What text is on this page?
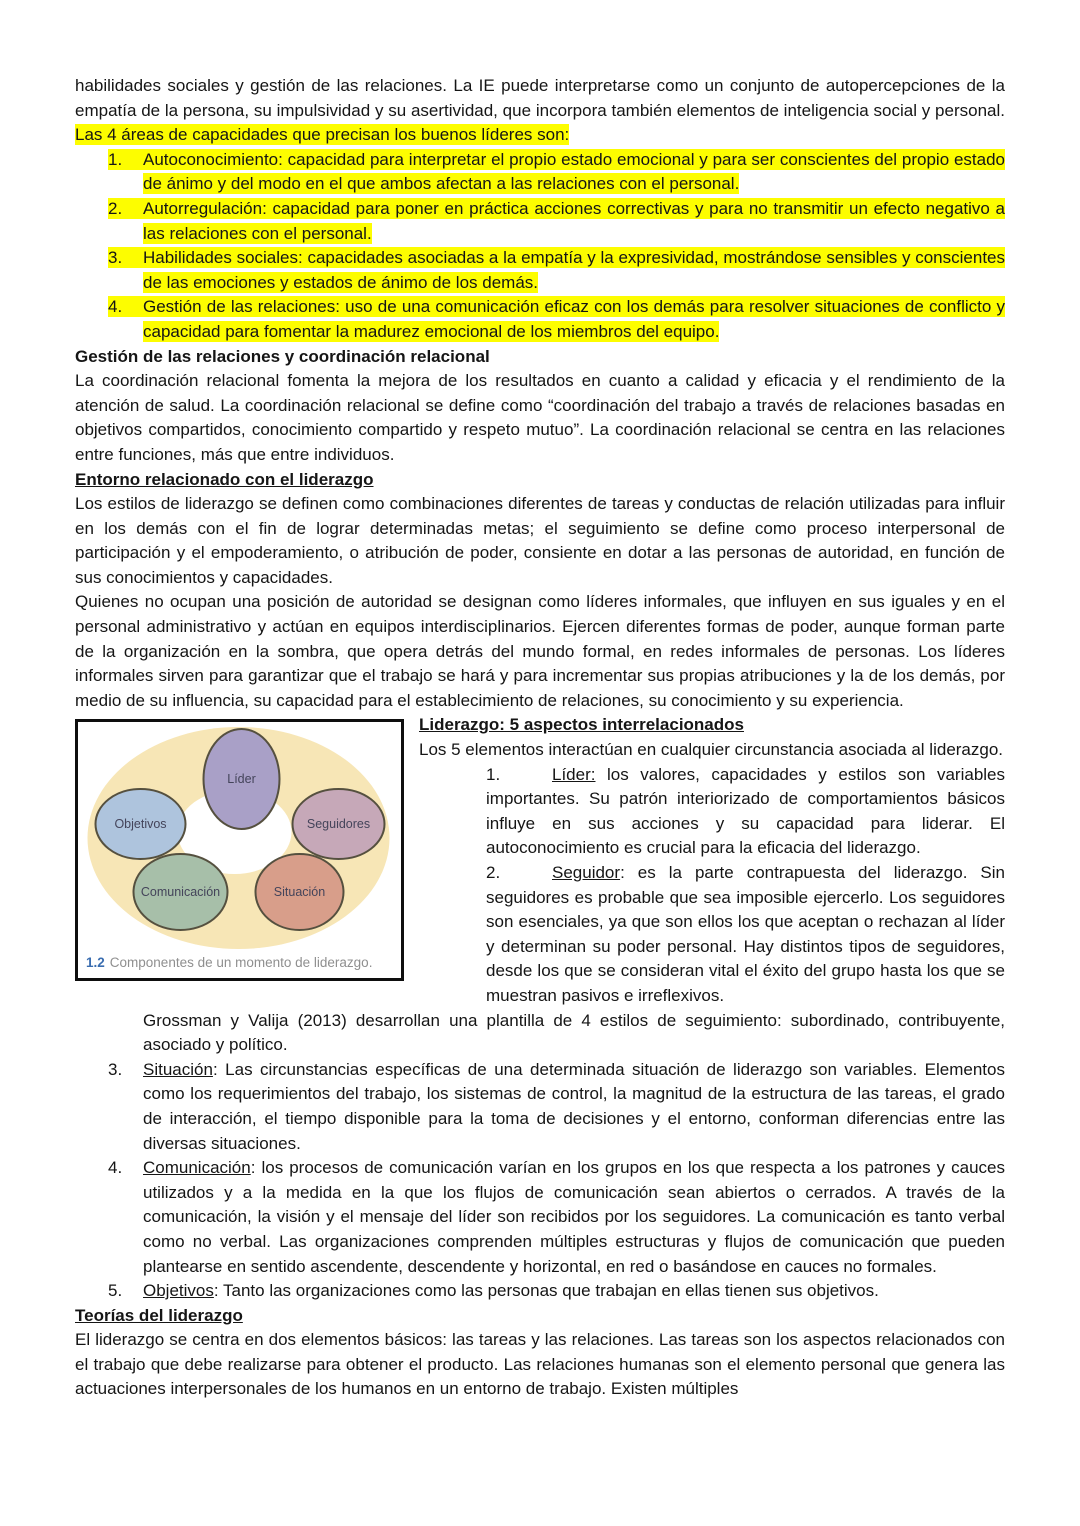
habilidades sociales y gestión de las relaciones. La IE puede interpretarse como un conjunto de autopercepciones de la empatía de la persona, su impulsividad y su asertividad, que incorpora también elementos de inteligencia social y personal. Las 4 áreas de capacidades que precisan los buenos líderes son:

1. Autoconocimiento: capacidad para interpretar el propio estado emocional y para ser conscientes del propio estado de ánimo y del modo en el que ambos afectan a las relaciones con el personal.
2. Autorregulación: capacidad para poner en práctica acciones correctivas y para no transmitir un efecto negativo a las relaciones con el personal.
3. Habilidades sociales: capacidades asociadas a la empatía y la expresividad, mostrándose sensibles y conscientes de las emociones y estados de ánimo de los demás.
4. Gestión de las relaciones: uso de una comunicación eficaz con los demás para resolver situaciones de conflicto y capacidad para fomentar la madurez emocional de los miembros del equipo.
Gestión de las relaciones y coordinación relacional

La coordinación relacional fomenta la mejora de los resultados en cuanto a calidad y eficacia y el rendimiento de la atención de salud. La coordinación relacional se define como “coordinación del trabajo a través de relaciones basadas en objetivos compartidos, conocimiento compartido y respeto mutuo”. La coordinación relacional se centra en las relaciones entre funciones, más que entre individuos.

Entorno relacionado con el liderazgo

Los estilos de liderazgo se definen como combinaciones diferentes de tareas y conductas de relación utilizadas para influir en los demás con el fin de lograr determinadas metas; el seguimiento se define como proceso interpersonal de participación y el empoderamiento, o atribución de poder, consiente en dotar a las personas de autoridad, en función de sus conocimientos y capacidades.

Quienes no ocupan una posición de autoridad se designan como líderes informales, que influyen en sus iguales y en el personal administrativo y actúan en equipos interdisciplinarios. Ejercen diferentes formas de poder, aunque forman parte de la organización en la sombra, que opera detrás del mundo formal, en redes informales de personas. Los líderes informales sirven para garantizar que el trabajo se hará y para incrementar sus propias atribuciones y la de los demás, por medio de su influencia, su capacidad para el establecimiento de relaciones, su conocimiento y su experiencia.

Líder
Objetivos	Seguidores
Comunicación	Situación
1.2 Componentes de un momento de liderazgo.
Liderazgo: 5 aspectos interrelacionados

Los 5 elementos interactúan en cualquier circunstancia asociada al liderazgo.

1.	Líder: los valores, capacidades y estilos son variables importantes. Su patrón interiorizado de comportamientos básicos influye en sus acciones y su capacidad para liderar. El autoconocimiento es crucial para la eficacia del liderazgo.
2.	Seguidor: es la parte contrapuesta del liderazgo. Sin seguidores es probable que sea imposible ejercerlo. Los seguidores son esenciales, ya que son ellos los que aceptan o rechazan al líder y determinan su poder personal. Hay distintos tipos de seguidores, desde los que se consideran vital el éxito del grupo hasta los que se muestran pasivos e irreflexivos.

Grossman y Valija (2013) desarrollan una plantilla de 4 estilos de seguimiento: subordinado, contribuyente, asociado y político.

3. Situación: Las circunstancias específicas de una determinada situación de liderazgo son variables. Elementos como los requerimientos del trabajo, los sistemas de control, la magnitud de la estructura de las tareas, el grado de interacción, el tiempo disponible para la toma de decisiones y el entorno, conforman diferencias entre las diversas situaciones.
4. Comunicación: los procesos de comunicación varían en los grupos en los que respecta a los patrones y cauces utilizados y a la medida en la que los flujos de comunicación sean abiertos o cerrados. A través de la comunicación, la visión y el mensaje del líder son recibidos por los seguidores. La comunicación es tanto verbal como no verbal. Las organizaciones comprenden múltiples estructuras y flujos de comunicación que pueden plantearse en sentido ascendente, descendente y horizontal, en red o basándose en cauces no formales.
5. Objetivos: Tanto las organizaciones como las personas que trabajan en ellas tienen sus objetivos.
Teorías del liderazgo

El liderazgo se centra en dos elementos básicos: las tareas y las relaciones. Las tareas son los aspectos relacionados con el trabajo que debe realizarse para obtener el producto. Las relaciones humanas son el elemento personal que genera las actuaciones interpersonales de los humanos en un entorno de trabajo. Existen múltiples
